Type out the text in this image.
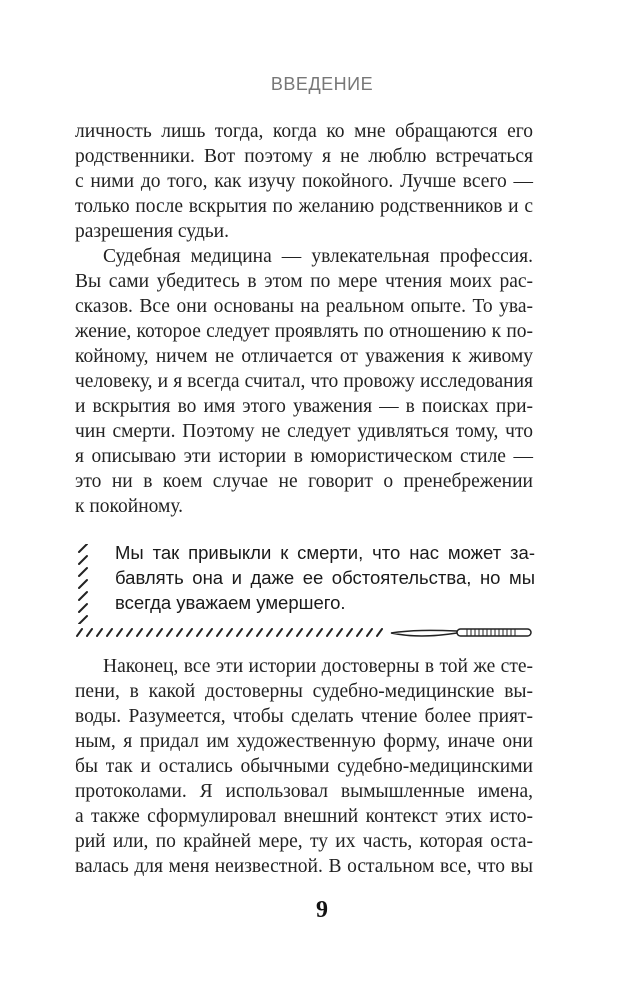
ВВЕДЕНИЕ

личность лишь тогда, когда ко мне обращаются его
родственники. Вот поэтому я не люблю встречаться
с ними до того, как изучу покойного. Лучше всего —
только после вскрытия по желанию родственников и с
разрешения судьи.

Судебная медицина — увлекательная профессия.
Вы сами убедитесь в этом по мере чтения моих рас-
сказов. Все они основаны на реальном опыте. То ува-
жение, которое следует проявлять по отношению к по-
койному, ничем не отличается от уважения к живому
человеку, и я всегда считал, что провожу исследования
и вскрытия во имя этого уважения — в поисках при-
чин смерти. Поэтому не следует удивляться тому, что
я описываю эти истории в юмористическом стиле —
это ни в коем случае не говорит о пренебрежении
к покойному.

Мы так привыкли к смерти, что нас может за-
бавлять она и даже ее обстоятельства, но мы
всегда уважаем умершего.

Наконец, все эти истории достоверны в той же сте-
пени, в какой достоверны судебно-медицинские вы-
воды. Разумеется, чтобы сделать чтение более прият-
ным, я придал им художественную форму, иначе они
бы так и остались обычными судебно-медицинскими
протоколами. Я использовал вымышленные имена,
а также сформулировал внешний контекст этих исто-
рий или, по крайней мере, ту их часть, которая оста-
валась для меня неизвестной. В остальном все, что вы

9
